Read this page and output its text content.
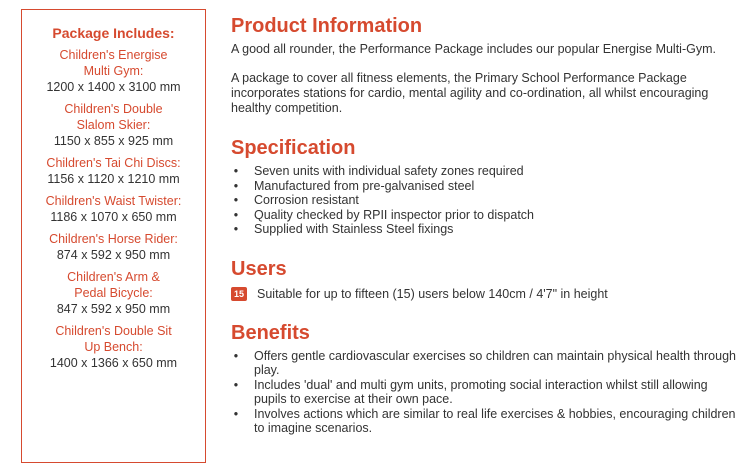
Package Includes:
Children's Energise Multi Gym:
1200 x 1400 x 3100 mm
Children's Double Slalom Skier:
1150 x 855 x 925 mm
Children's Tai Chi Discs:
1156 x 1120 x 1210 mm
Children's Waist Twister:
1186 x 1070 x 650 mm
Children's Horse Rider:
874 x 592 x 950 mm
Children's Arm & Pedal Bicycle:
847 x 592 x 950 mm
Children's Double Sit Up Bench:
1400 x 1366 x 650 mm
Product Information

A good all rounder, the Performance Package includes our popular Energise Multi-Gym.

A package to cover all fitness elements, the Primary School Performance Package incorporates stations for cardio, mental agility and co-ordination, all whilst encouraging healthy competition.

Specification
• Seven units with individual safety zones required
• Manufactured from pre-galvanised steel
• Corrosion resistant
• Quality checked by RPII inspector prior to dispatch
• Supplied with Stainless Steel fixings
Users
15 Suitable for up to fifteen (15) users below 140cm / 4'7" in height
Benefits
• Offers gentle cardiovascular exercises so children can maintain physical health through play.
• Includes 'dual' and multi gym units, promoting social interaction whilst still allowing pupils to exercise at their own pace.
• Involves actions which are similar to real life exercises & hobbies, encouraging children to imagine scenarios.
